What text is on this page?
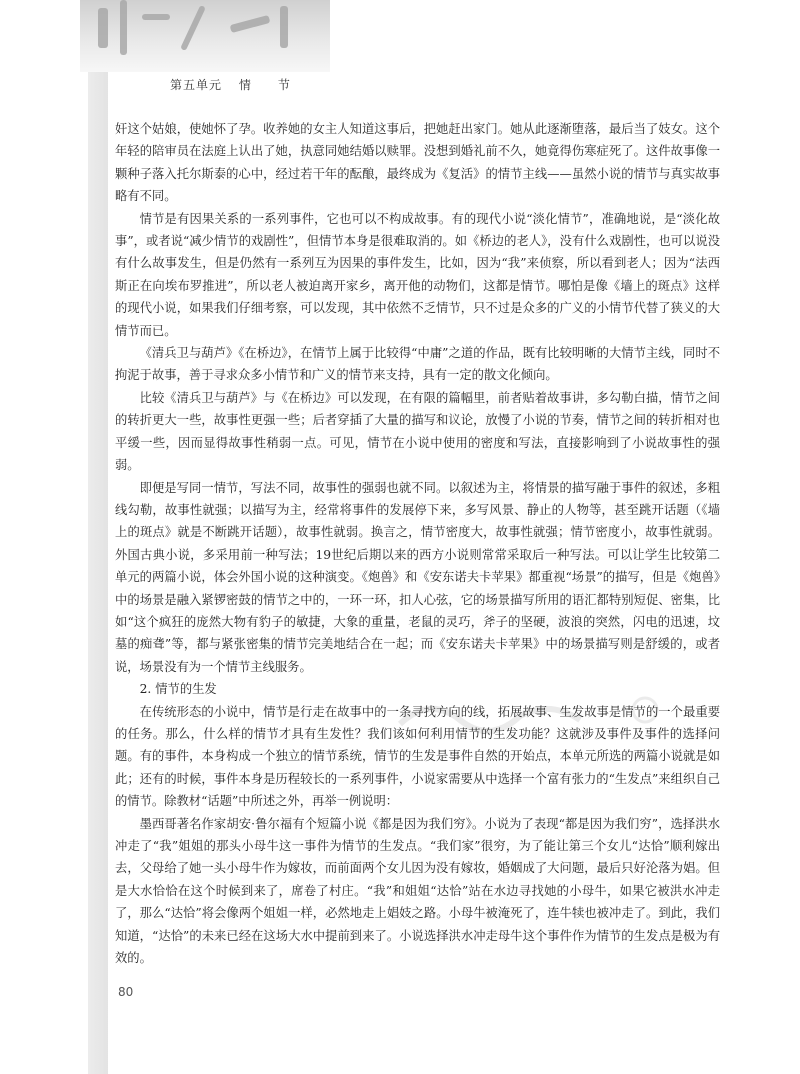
第五单元 情　　节

奸这个姑娘，使她怀了孕。收养她的女主人知道这事后，把她赶出家门。她从此逐渐堕落，最后当了妓女。这个年轻的陪审员在法庭上认出了她，执意同她结婚以赎罪。没想到婚礼前不久，她竟得伤寒症死了。这件故事像一颗种子落入托尔斯泰的心中，经过若干年的酝酿，最终成为《复活》的情节主线——虽然小说的情节与真实故事略有不同。

情节是有因果关系的一系列事件，它也可以不构成故事。有的现代小说“淡化情节”，准确地说，是“淡化故事”，或者说“减少情节的戏剧性”，但情节本身是很难取消的。如《桥边的老人》，没有什么戏剧性，也可以说没有什么故事发生，但是仍然有一系列互为因果的事件发生，比如，因为“我”来侦察，所以看到老人；因为“法西斯正在向埃布罗推进”，所以老人被迫离开家乡，离开他的动物们，这都是情节。哪怕是像《墙上的斑点》这样的现代小说，如果我们仔细考察，可以发现，其中依然不乏情节，只不过是众多的广义的小情节代替了狭义的大情节而已。

《清兵卫与葫芦》《在桥边》，在情节上属于比较得“中庸”之道的作品，既有比较明晰的大情节主线，同时不拘泥于故事，善于寻求众多小情节和广义的情节来支持，具有一定的散文化倾向。

比较《清兵卫与葫芦》与《在桥边》可以发现，在有限的篇幅里，前者贴着故事讲，多勾勒白描，情节之间的转折更大一些，故事性更强一些；后者穿插了大量的描写和议论，放慢了小说的节奏，情节之间的转折相对也平缓一些，因而显得故事性稍弱一点。可见，情节在小说中使用的密度和写法，直接影响到了小说故事性的强弱。

即便是写同一情节，写法不同，故事性的强弱也就不同。以叙述为主，将情景的描写融于事件的叙述，多粗线勾勒，故事性就强；以描写为主，经常将事件的发展停下来，多写风景、静止的人物等，甚至跳开话题（《墙上的斑点》就是不断跳开话题），故事性就弱。换言之，情节密度大，故事性就强；情节密度小，故事性就弱。外国古典小说，多采用前一种写法；19世纪后期以来的西方小说则常常采取后一种写法。可以让学生比较第二单元的两篇小说，体会外国小说的这种演变。《炮兽》和《安东诺夫卡苹果》都重视“场景”的描写，但是《炮兽》中的场景是融入紧锣密鼓的情节之中的，一环一环，扣人心弦，它的场景描写所用的语汇都特别短促、密集，比如“这个疯狂的庞然大物有豹子的敏捷，大象的重量，老鼠的灵巧，斧子的坚硬，波浪的突然，闪电的迅速，坟墓的痴聋”等，都与紧张密集的情节完美地结合在一起；而《安东诺夫卡苹果》中的场景描写则是舒缓的，或者说，场景没有为一个情节主线服务。

2. 情节的生发

在传统形态的小说中，情节是行走在故事中的一条寻找方向的线，拓展故事、生发故事是情节的一个最重要的任务。那么，什么样的情节才具有生发性？我们该如何利用情节的生发功能？这就涉及事件及事件的选择问题。有的事件，本身构成一个独立的情节系统，情节的生发是事件自然的开始点，本单元所选的两篇小说就是如此；还有的时候，事件本身是历程较长的一系列事件，小说家需要从中选择一个富有张力的“生发点”来组织自己的情节。除教材“话题”中所述之外，再举一例说明：

墨西哥著名作家胡安·鲁尔福有个短篇小说《都是因为我们穷》。小说为了表现“都是因为我们穷”，选择洪水冲走了“我”姐姐的那头小母牛这一事件为情节的生发点。“我们家”很穷，为了能让第三个女儿“达恰”顺利嫁出去，父母给了她一头小母牛作为嫁妆，而前面两个女儿因为没有嫁妆，婚姻成了大问题，最后只好沦落为娼。但是大水恰恰在这个时候到来了，席卷了村庄。“我”和姐姐“达恰”站在水边寻找她的小母牛，如果它被洪水冲走了，那么“达恰”将会像两个姐姐一样，必然地走上娼妓之路。小母牛被淹死了，连牛犊也被冲走了。到此，我们知道，“达恰”的未来已经在这场大水中提前到来了。小说选择洪水冲走母牛这个事件作为情节的生发点是极为有效的。

80
